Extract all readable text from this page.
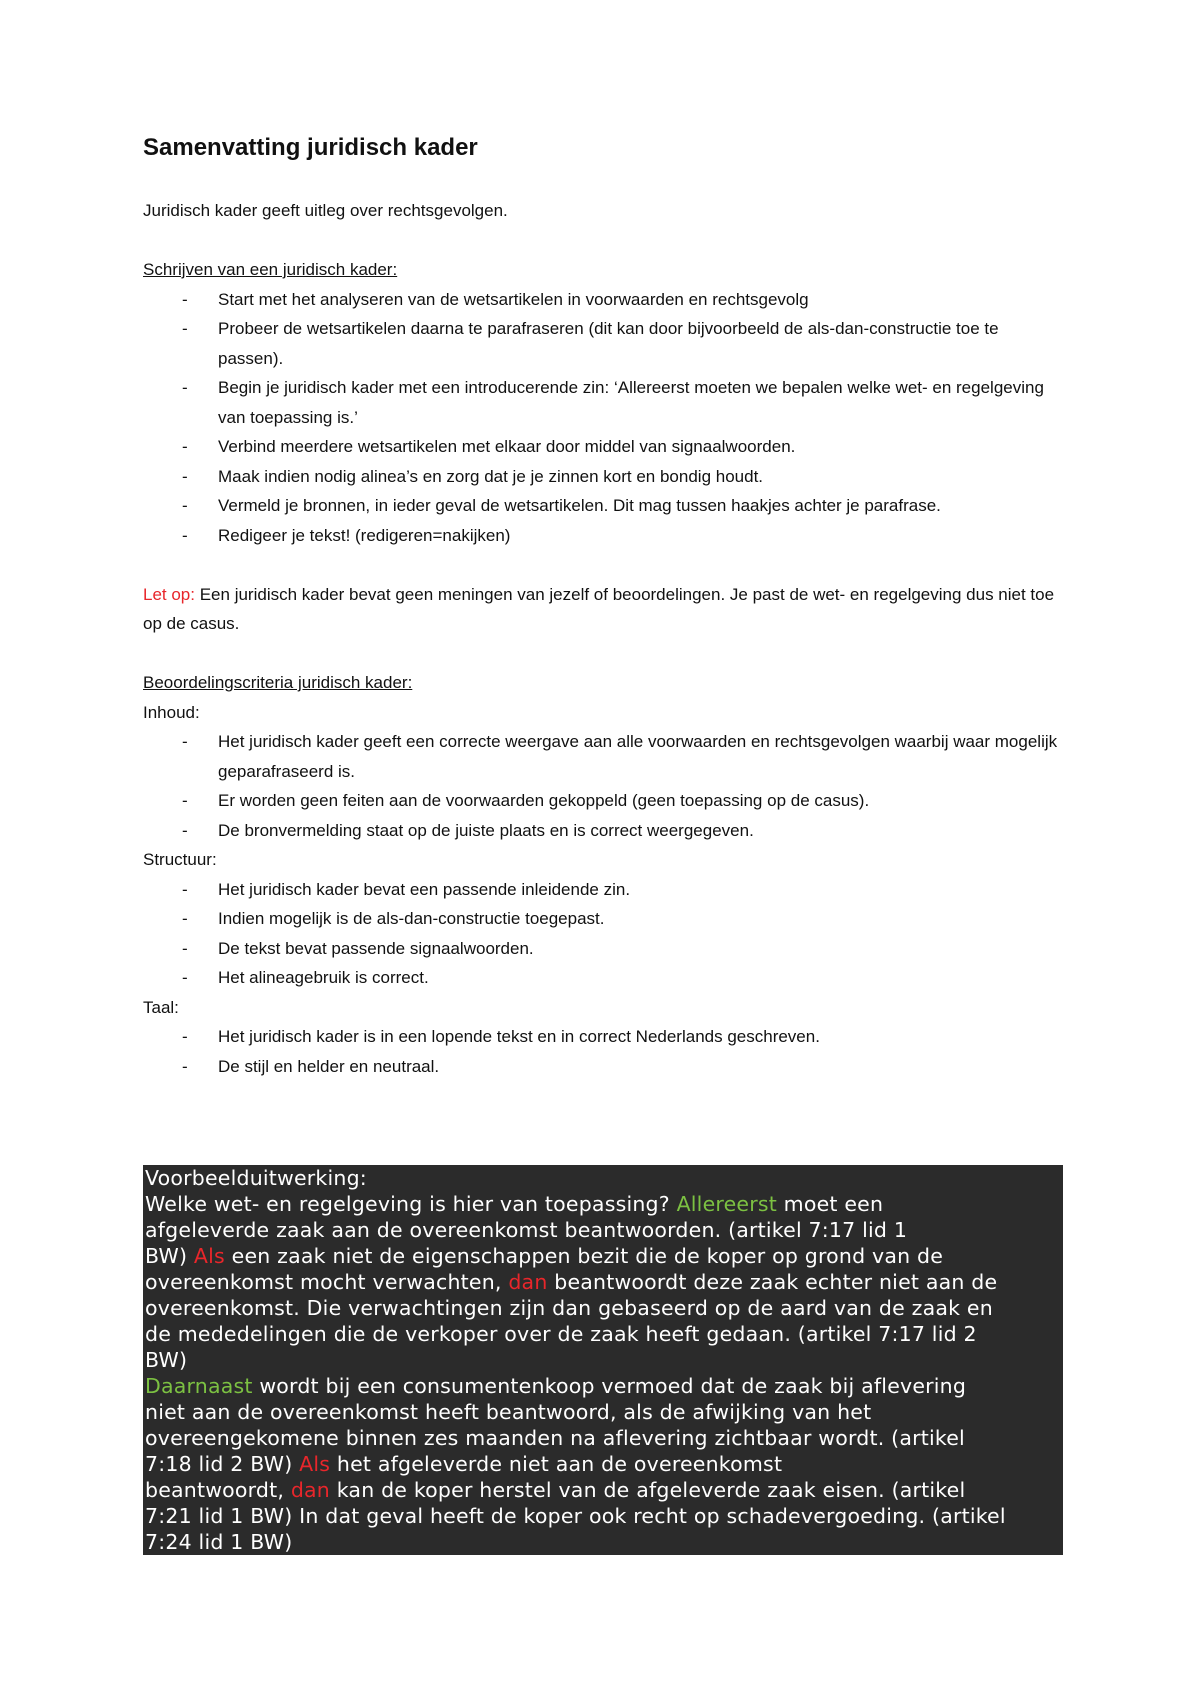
Samenvatting juridisch kader

Juridisch kader geeft uitleg over rechtsgevolgen.

Schrijven van een juridisch kader:

- Start met het analyseren van de wetsartikelen in voorwaarden en rechtsgevolg
- Probeer de wetsartikelen daarna te parafraseren (dit kan door bijvoorbeeld de als-dan-constructie toe te passen).
- Begin je juridisch kader met een introducerende zin: ‘Allereerst moeten we bepalen welke wet- en regelgeving van toepassing is.’
- Verbind meerdere wetsartikelen met elkaar door middel van signaalwoorden.
- Maak indien nodig alinea’s en zorg dat je je zinnen kort en bondig houdt.
- Vermeld je bronnen, in ieder geval de wetsartikelen. Dit mag tussen haakjes achter je parafrase.
- Redigeer je tekst! (redigeren=nakijken)

Let op: Een juridisch kader bevat geen meningen van jezelf of beoordelingen. Je past de wet- en regelgeving dus niet toe op de casus.

Beoordelingscriteria juridisch kader:

Inhoud:

- Het juridisch kader geeft een correcte weergave aan alle voorwaarden en rechtsgevolgen waarbij waar mogelijk geparafraseerd is.
- Er worden geen feiten aan de voorwaarden gekoppeld (geen toepassing op de casus).
- De bronvermelding staat op de juiste plaats en is correct weergegeven.

Structuur:

- Het juridisch kader bevat een passende inleidende zin.
- Indien mogelijk is de als-dan-constructie toegepast.
- De tekst bevat passende signaalwoorden.
- Het alineagebruik is correct.

Taal:

- Het juridisch kader is in een lopende tekst en in correct Nederlands geschreven.
- De stijl en helder en neutraal.
Voorbeelduitwerking:
Welke wet- en regelgeving is hier van toepassing? Allereerst moet een
afgeleverde zaak aan de overeenkomst beantwoorden. (artikel 7:17 lid 1
BW) Als een zaak niet de eigenschappen bezit die de koper op grond van de
overeenkomst mocht verwachten, dan beantwoordt deze zaak echter niet aan de
overeenkomst. Die verwachtingen zijn dan gebaseerd op de aard van de zaak en
de mededelingen die de verkoper over de zaak heeft gedaan. (artikel 7:17 lid 2
BW)
Daarnaast wordt bij een consumentenkoop vermoed dat de zaak bij aflevering
niet aan de overeenkomst heeft beantwoord, als de afwijking van het
overeengekomene binnen zes maanden na aflevering zichtbaar wordt. (artikel
7:18 lid 2 BW) Als het afgeleverde niet aan de overeenkomst
beantwoordt, dan kan de koper herstel van de afgeleverde zaak eisen. (artikel
7:21 lid 1 BW) In dat geval heeft de koper ook recht op schadevergoeding. (artikel
7:24 lid 1 BW)
